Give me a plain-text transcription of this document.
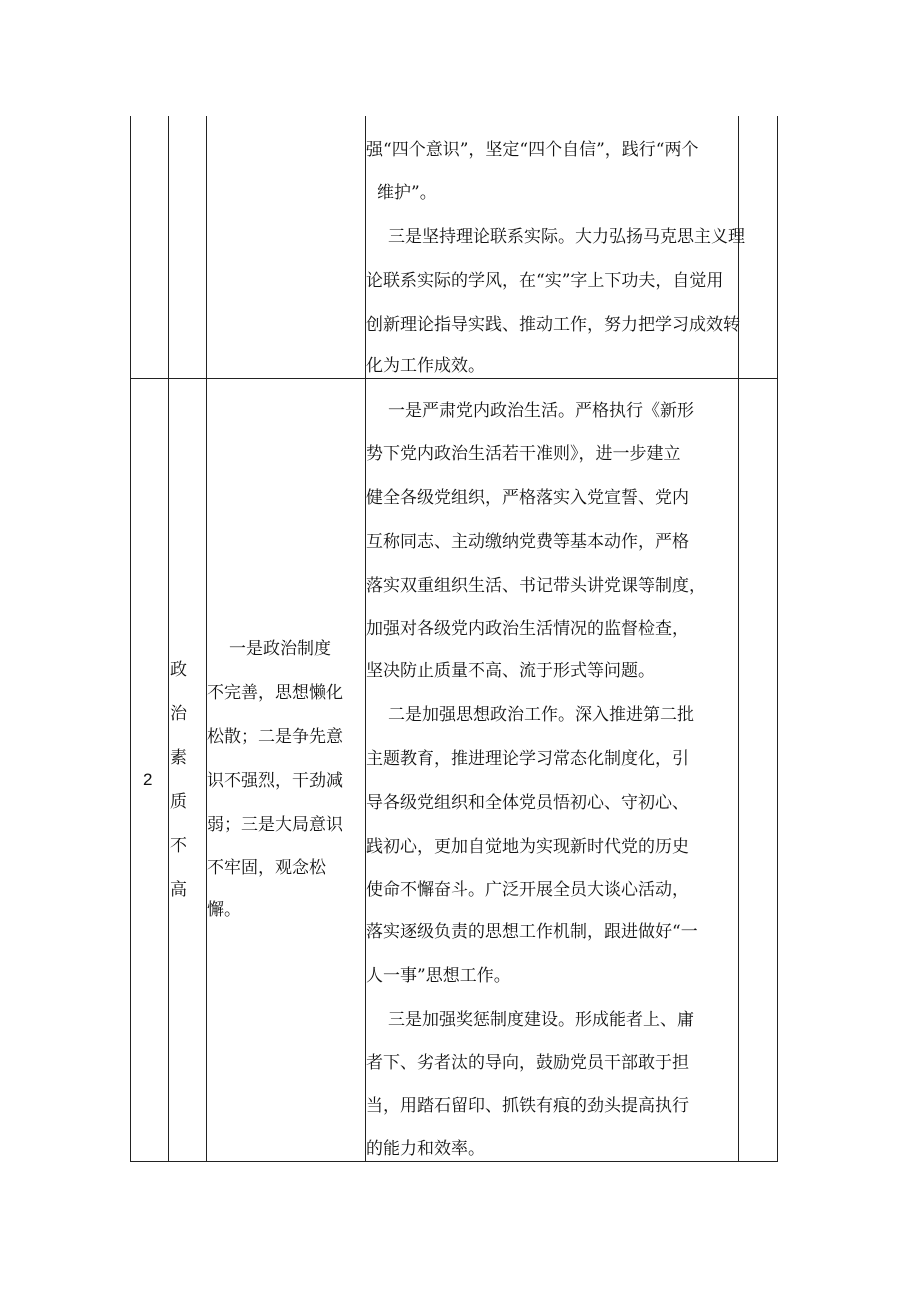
强“四个意识”，坚定“四个自信”，践行“两个
维护”。
三是坚持理论联系实际。大力弘扬马克思主义理
论联系实际的学风，在“实”字上下功夫，自觉用
创新理论指导实践、推动工作，努力把学习成效转
化为工作成效。
2
政
治
素
质
不
高
一是政治制度
不完善，思想懒化
松散；二是争先意
识不强烈，干劲减
弱；三是大局意识
不牢固，观念松
懈。
一是严肃党内政治生活。严格执行《新形
势下党内政治生活若干准则》，进一步建立
健全各级党组织，严格落实入党宣誓、党内
互称同志、主动缴纳党费等基本动作，严格
落实双重组织生活、书记带头讲党课等制度，
加强对各级党内政治生活情况的监督检查，
坚决防止质量不高、流于形式等问题。
二是加强思想政治工作。深入推进第二批
主题教育，推进理论学习常态化制度化，引
导各级党组织和全体党员悟初心、守初心、
践初心，更加自觉地为实现新时代党的历史
使命不懈奋斗。广泛开展全员大谈心活动，
落实逐级负责的思想工作机制，跟进做好“一
人一事”思想工作。
三是加强奖惩制度建设。形成能者上、庸
者下、劣者汰的导向，鼓励党员干部敢于担
当，用踏石留印、抓铁有痕的劲头提高执行
的能力和效率。
